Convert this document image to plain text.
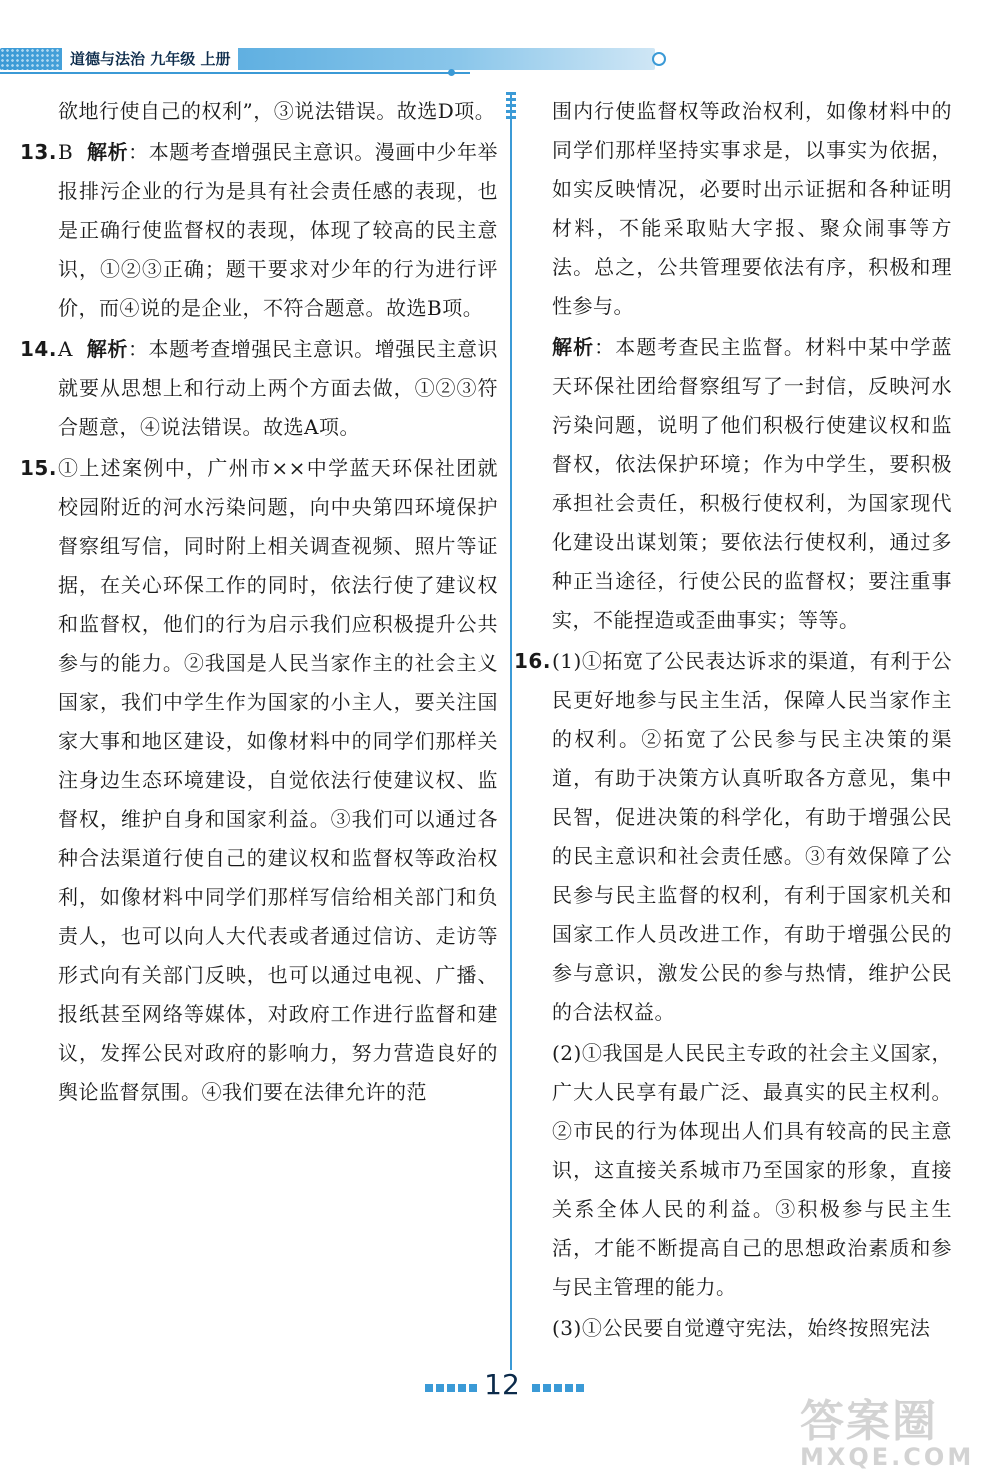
道德与法治 九年级 上册

欲地行使自己的权利”，③说法错误。故选D项。

13. B 解析：本题考查增强民主意识。漫画中少年举报排污企业的行为是具有社会责任感的表现，也是正确行使监督权的表现，体现了较高的民主意识，①②③正确；题干要求对少年的行为进行评价，而④说的是企业，不符合题意。故选B项。

14. A 解析：本题考查增强民主意识。增强民主意识就要从思想上和行动上两个方面去做，①②③符合题意，④说法错误。故选A项。

15. ①上述案例中，广州市××中学蓝天环保社团就校园附近的河水污染问题，向中央第四环境保护督察组写信，同时附上相关调查视频、照片等证据，在关心环保工作的同时，依法行使了建议权和监督权，他们的行为启示我们应积极提升公共参与的能力。②我国是人民当家作主的社会主义国家，我们中学生作为国家的小主人，要关注国家大事和地区建设，如像材料中的同学们那样关注身边生态环境建设，自觉依法行使建议权、监督权，维护自身和国家利益。③我们可以通过各种合法渠道行使自己的建议权和监督权等政治权利，如像材料中同学们那样写信给相关部门和负责人，也可以向人大代表或者通过信访、走访等形式向有关部门反映，也可以通过电视、广播、报纸甚至网络等媒体，对政府工作进行监督和建议，发挥公民对政府的影响力，努力营造良好的舆论监督氛围。④我们要在法律允许的范

围内行使监督权等政治权利，如像材料中的同学们那样坚持实事求是，以事实为依据，如实反映情况，必要时出示证据和各种证明材料，不能采取贴大字报、聚众闹事等方法。总之，公共管理要依法有序，积极和理性参与。

解析：本题考查民主监督。材料中某中学蓝天环保社团给督察组写了一封信，反映河水污染问题，说明了他们积极行使建议权和监督权，依法保护环境；作为中学生，要积极承担社会责任，积极行使权利，为国家现代化建设出谋划策；要依法行使权利，通过多种正当途径，行使公民的监督权；要注重事实，不能捏造或歪曲事实；等等。

16. (1)①拓宽了公民表达诉求的渠道，有利于公民更好地参与民主生活，保障人民当家作主的权利。②拓宽了公民参与民主决策的渠道，有助于决策方认真听取各方意见，集中民智，促进决策的科学化，有助于增强公民的民主意识和社会责任感。③有效保障了公民参与民主监督的权利，有利于国家机关和国家工作人员改进工作，有助于增强公民的参与意识，激发公民的参与热情，维护公民的合法权益。

(2)①我国是人民民主专政的社会主义国家，广大人民享有最广泛、最真实的民主权利。②市民的行为体现出人们具有较高的民主意识，这直接关系城市乃至国家的形象，直接关系全体人民的利益。③积极参与民主生活，才能不断提高自己的思想政治素质和参与民主管理的能力。

(3)①公民要自觉遵守宪法，始终按照宪法

12
答案圈
MXQE.COM
